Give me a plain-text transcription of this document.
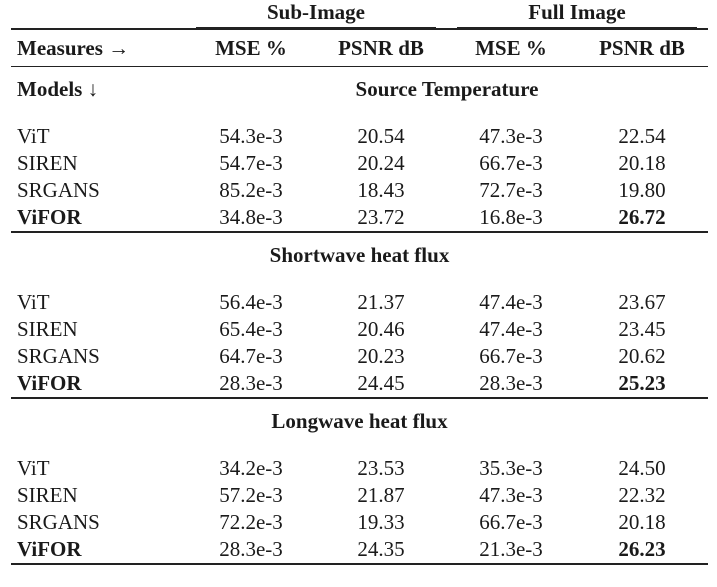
	Sub-Image		Full Image	
Measures →	MSE %	PSNR dB	MSE %	PSNR dB
Models ↓	Source Temperature			

ViT	54.3e-3	20.54	47.3e-3	22.54
SIREN	54.7e-3	20.24	66.7e-3	20.18
SRGANS	85.2e-3	18.43	72.7e-3	19.80
ViFOR	34.8e-3	23.72	16.8e-3	26.72

Shortwave heat flux				

ViT	56.4e-3	21.37	47.4e-3	23.67
SIREN	65.4e-3	20.46	47.4e-3	23.45
SRGANS	64.7e-3	20.23	66.7e-3	20.62
ViFOR	28.3e-3	24.45	28.3e-3	25.23

Longwave heat flux				

ViT	34.2e-3	23.53	35.3e-3	24.50
SIREN	57.2e-3	21.87	47.3e-3	22.32
SRGANS	72.2e-3	19.33	66.7e-3	20.18
ViFOR	28.3e-3	24.35	21.3e-3	26.23
